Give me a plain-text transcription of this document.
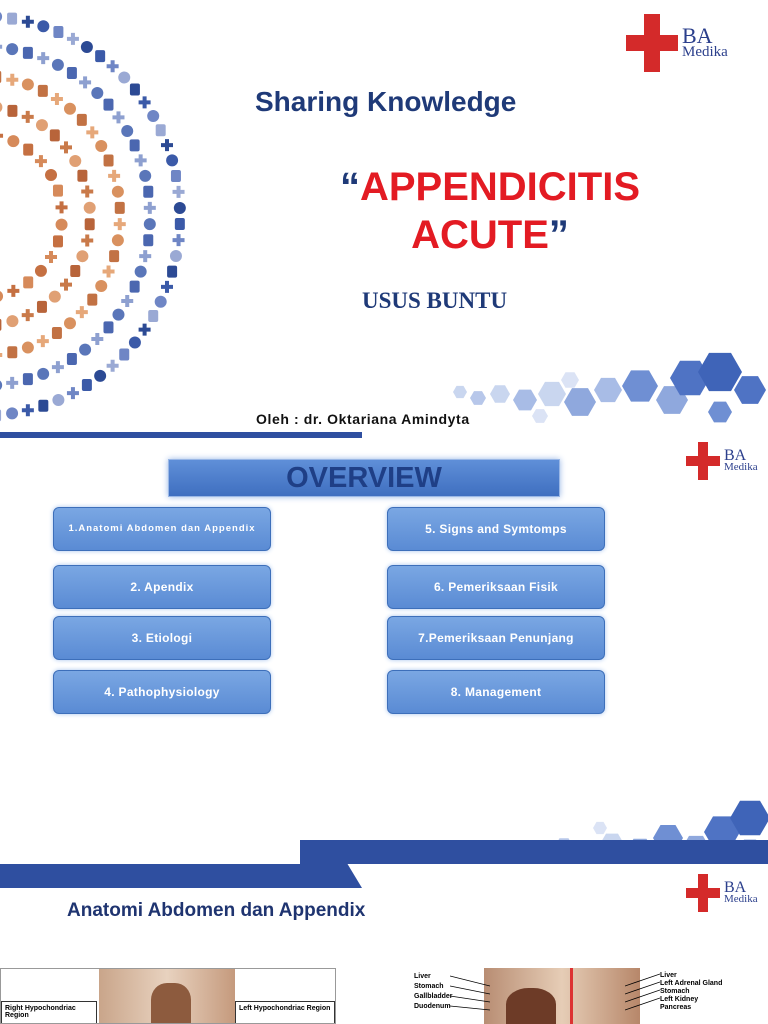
BA
Medika
Sharing Knowledge
“APPENDICITIS
ACUTE”
USUS BUNTU
Oleh : dr. Oktariana Amindyta
BA
Medika
OVERVIEW
1.Anatomi Abdomen dan Appendix
2. Apendix
3. Etiologi
4. Pathophysiology
5. Signs and Symtomps
6. Pemeriksaan Fisik
7.Pemeriksaan Penunjang
8. Management
BA
Medika
Anatomi Abdomen dan Appendix
Right Hypochondriac Region
Left Hypochondriac Region
Liver
Stomach
Gallbladder
Duodenum
Liver
Left Adrenal Gland
Stomach
Left Kidney
Pancreas
